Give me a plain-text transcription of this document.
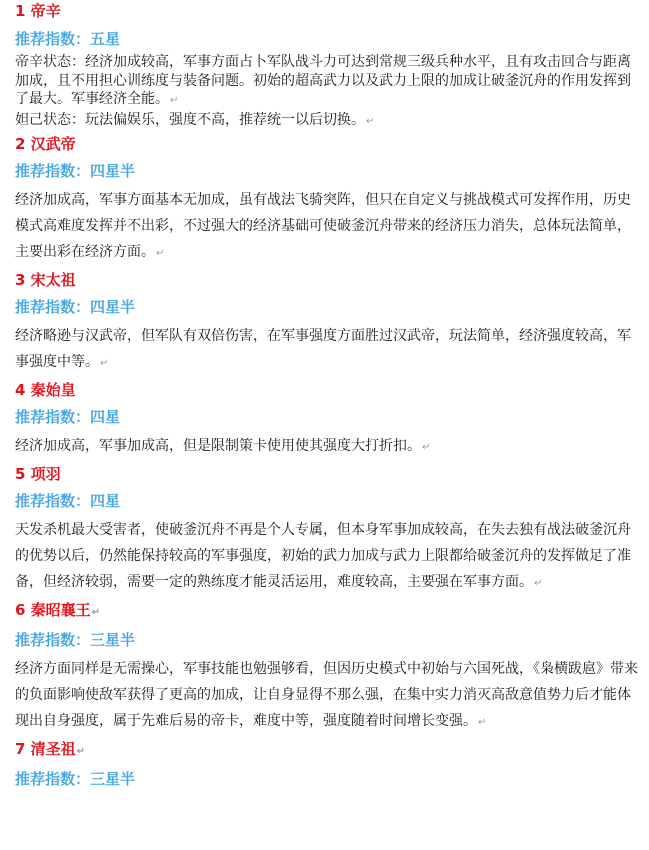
1 帝辛

推荐指数：五星

帝辛状态：经济加成较高，军事方面占卜军队战斗力可达到常规三级兵种水平，且有攻击回合与距离加成，且不用担心训练度与装备问题。初始的超高武力以及武力上限的加成让破釜沉舟的作用发挥到了最大。军事经济全能。↵

妲己状态：玩法偏娱乐，强度不高，推荐统一以后切换。↵

2 汉武帝

推荐指数：四星半

经济加成高，军事方面基本无加成，虽有战法飞骑突阵，但只在自定义与挑战模式可发挥作用，历史模式高难度发挥并不出彩，不过强大的经济基础可使破釜沉舟带来的经济压力消失，总体玩法简单，主要出彩在经济方面。↵

3 宋太祖

推荐指数：四星半

经济略逊与汉武帝，但军队有双倍伤害，在军事强度方面胜过汉武帝，玩法简单，经济强度较高，军事强度中等。↵

4 秦始皇

推荐指数：四星

经济加成高，军事加成高，但是限制策卡使用使其强度大打折扣。↵

5 项羽

推荐指数：四星

天发杀机最大受害者，使破釜沉舟不再是个人专属，但本身军事加成较高，在失去独有战法破釜沉舟的优势以后，仍然能保持较高的军事强度，初始的武力加成与武力上限都给破釜沉舟的发挥做足了准备，但经济较弱，需要一定的熟练度才能灵活运用，难度较高，主要强在军事方面。↵

6 秦昭襄王↵

推荐指数：三星半

经济方面同样是无需操心，军事技能也勉强够看，但因历史模式中初始与六国死战，《枭横跋扈》带来的负面影响使敌军获得了更高的加成，让自身显得不那么强，在集中实力消灭高敌意值势力后才能体现出自身强度，属于先难后易的帝卡，难度中等，强度随着时间增长变强。↵

7 清圣祖↵

推荐指数：三星半
